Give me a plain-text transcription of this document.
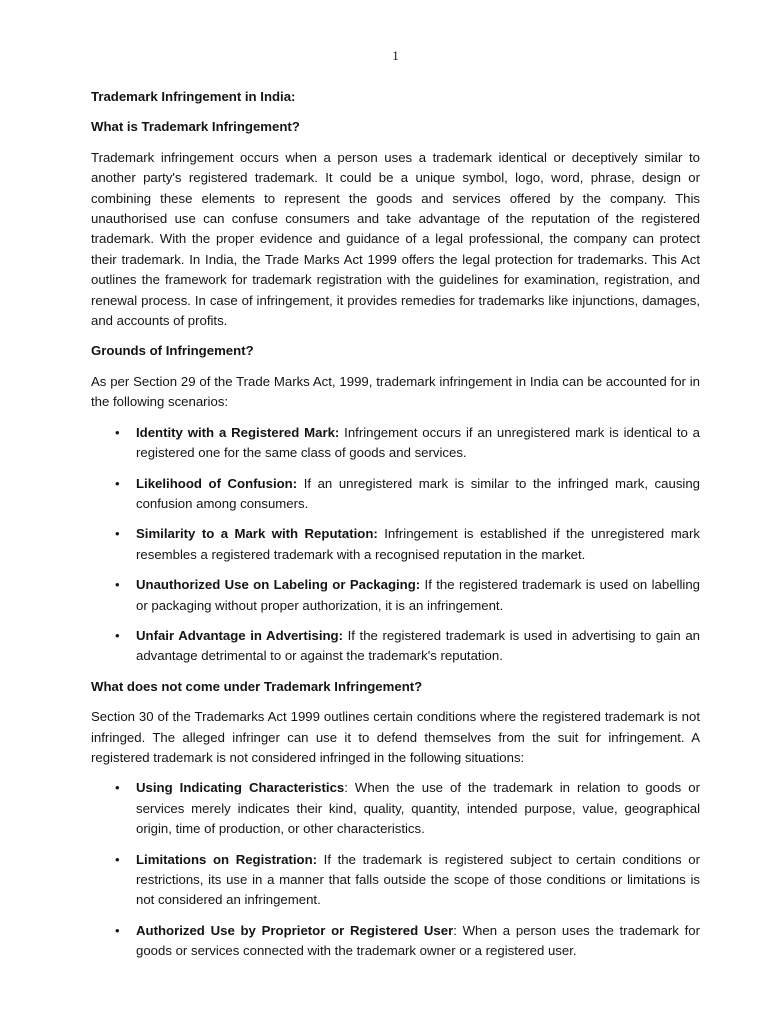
1
Trademark Infringement in India:
What is Trademark Infringement?
Trademark infringement occurs when a person uses a trademark identical or deceptively similar to another party's registered trademark. It could be a unique symbol, logo, word, phrase, design or combining these elements to represent the goods and services offered by the company. This unauthorised use can confuse consumers and take advantage of the reputation of the registered trademark. With the proper evidence and guidance of a legal professional, the company can protect their trademark. In India, the Trade Marks Act 1999 offers the legal protection for trademarks. This Act outlines the framework for trademark registration with the guidelines for examination, registration, and renewal process. In case of infringement, it provides remedies for trademarks like injunctions, damages, and accounts of profits.
Grounds of Infringement?
As per Section 29 of the Trade Marks Act, 1999, trademark infringement in India can be accounted for in the following scenarios:
• Identity with a Registered Mark: Infringement occurs if an unregistered mark is identical to a registered one for the same class of goods and services.
• Likelihood of Confusion: If an unregistered mark is similar to the infringed mark, causing confusion among consumers.
• Similarity to a Mark with Reputation: Infringement is established if the unregistered mark resembles a registered trademark with a recognised reputation in the market.
• Unauthorized Use on Labeling or Packaging: If the registered trademark is used on labelling or packaging without proper authorization, it is an infringement.
• Unfair Advantage in Advertising: If the registered trademark is used in advertising to gain an advantage detrimental to or against the trademark's reputation.
What does not come under Trademark Infringement?
Section 30 of the Trademarks Act 1999 outlines certain conditions where the registered trademark is not infringed. The alleged infringer can use it to defend themselves from the suit for infringement. A registered trademark is not considered infringed in the following situations:
• Using Indicating Characteristics: When the use of the trademark in relation to goods or services merely indicates their kind, quality, quantity, intended purpose, value, geographical origin, time of production, or other characteristics.
• Limitations on Registration: If the trademark is registered subject to certain conditions or restrictions, its use in a manner that falls outside the scope of those conditions or limitations is not considered an infringement.
• Authorized Use by Proprietor or Registered User: When a person uses the trademark for goods or services connected with the trademark owner or a registered user.
